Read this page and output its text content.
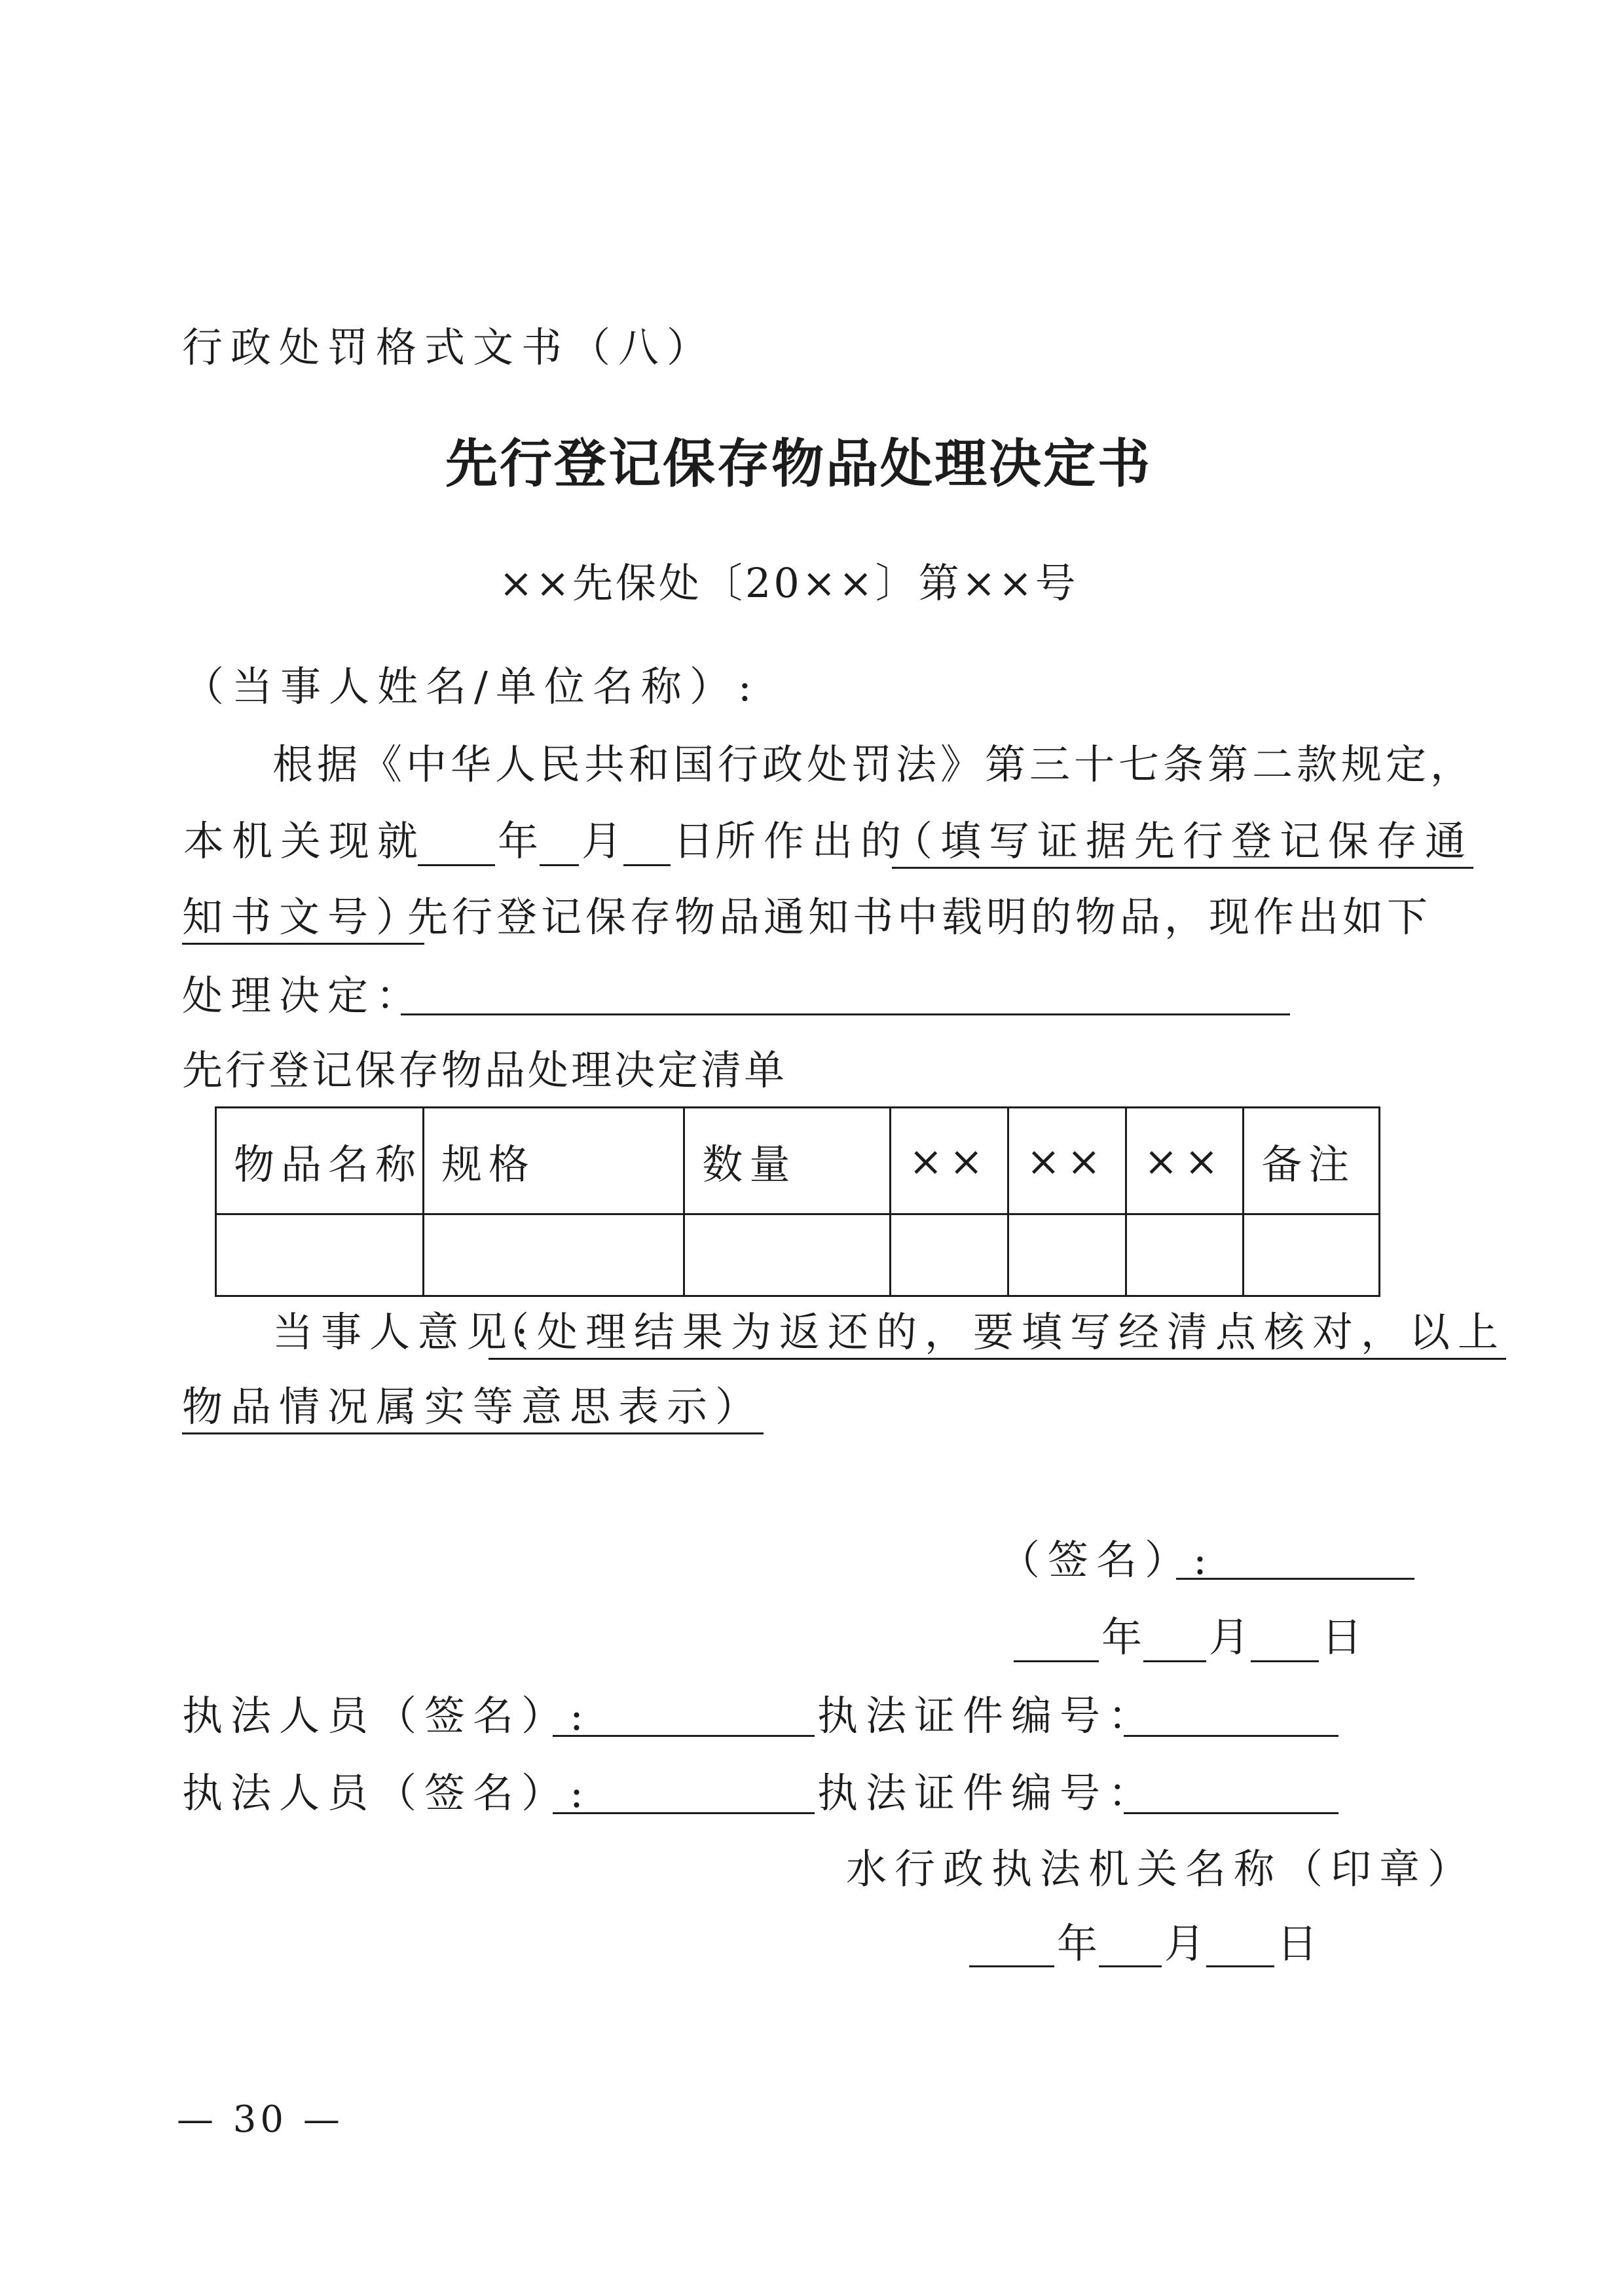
行政处罚格式文书（八）
先行登记保存物品处理决定书
××先保处〔20××〕第××号
（当事人姓名/单位名称）:
根据《中华人民共和国行政处罚法》第三十七条第二款规定，
本机关现就 年 月 日 所作出的
（填写证据先行登记保存通
知书文号）
先行登记保存物品通知书中载明的物品，现作出如下
处理决定：
先行登记保存物品处理决定清单
物品名称	规格	数量	××	××	××	备注

当事人意见:
（处理结果为返还的，要填写经清点核对，以上
物品情况属实等意思表示）
（签名）:
年 月 日
执法人员（签名）:	执法证件编号：
执法人员（签名）:	执法证件编号：
水行政执法机关名称（印章）
年 月 日
— 30 —
